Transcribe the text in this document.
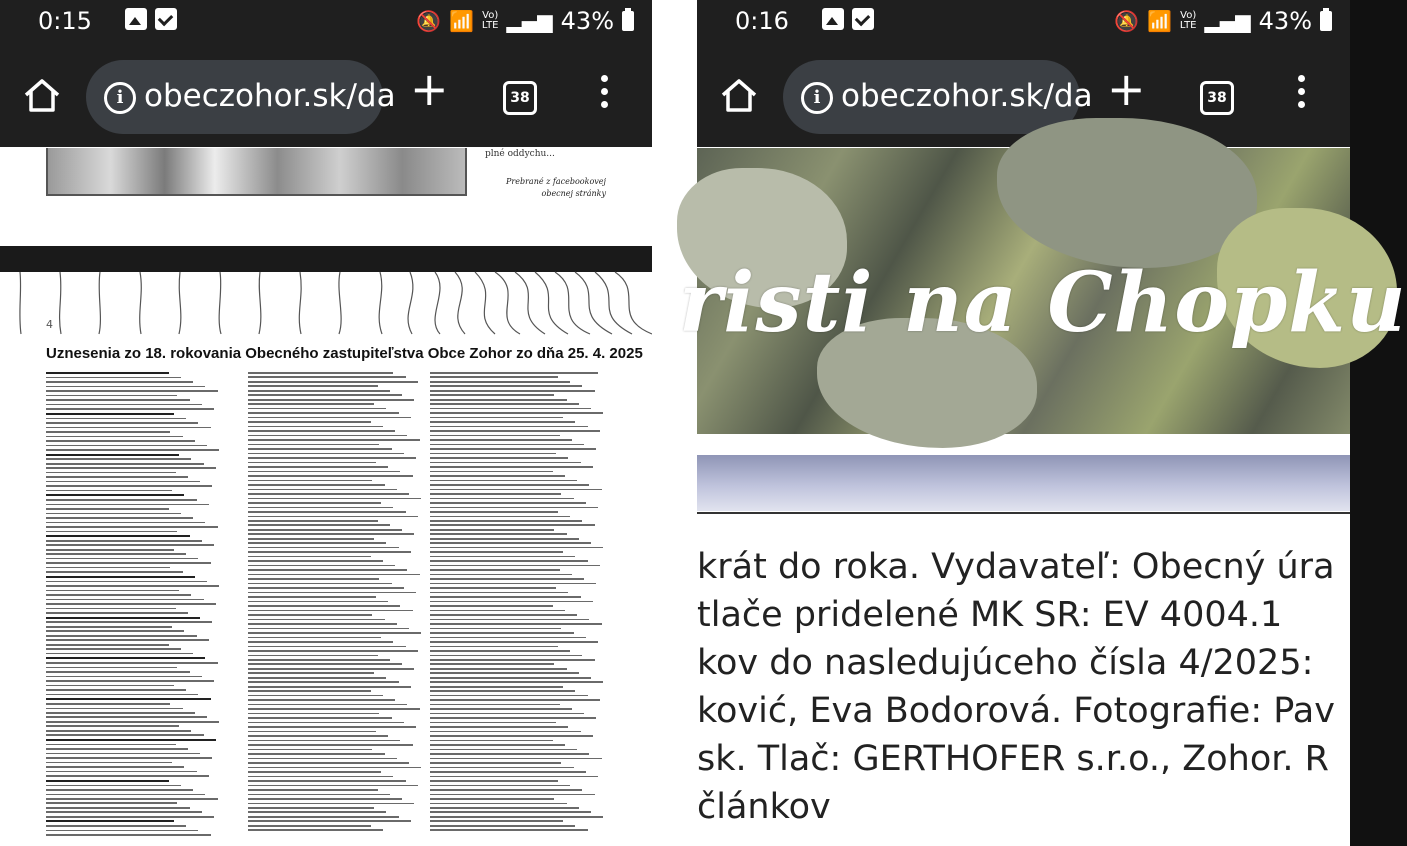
0:15	🔕 📶 Vo)
LTE ▂▄▆ 43%
i obeczohor.sk/da +	38
plné oddychu...
Prebrané z facebookovej obecnej stránky
4
Uznesenia zo 18. rokovania Obecného zastupiteľstva Obce Zohor zo dňa 25. 4. 2025
0:16	🔕 📶 Vo)
LTE ▂▄▆ 43%
i obeczohor.sk/da +	38
risti na Chopku
krát do roka. Vydavateľ: Obecný úra
tlače pridelené MK SR: EV 4004.1
kov do nasledujúceho čísla 4/2025:
ković, Eva Bodorová. Fotografie: Pav
sk. Tlač: GERTHOFER s.r.o., Zohor. R
článkov
